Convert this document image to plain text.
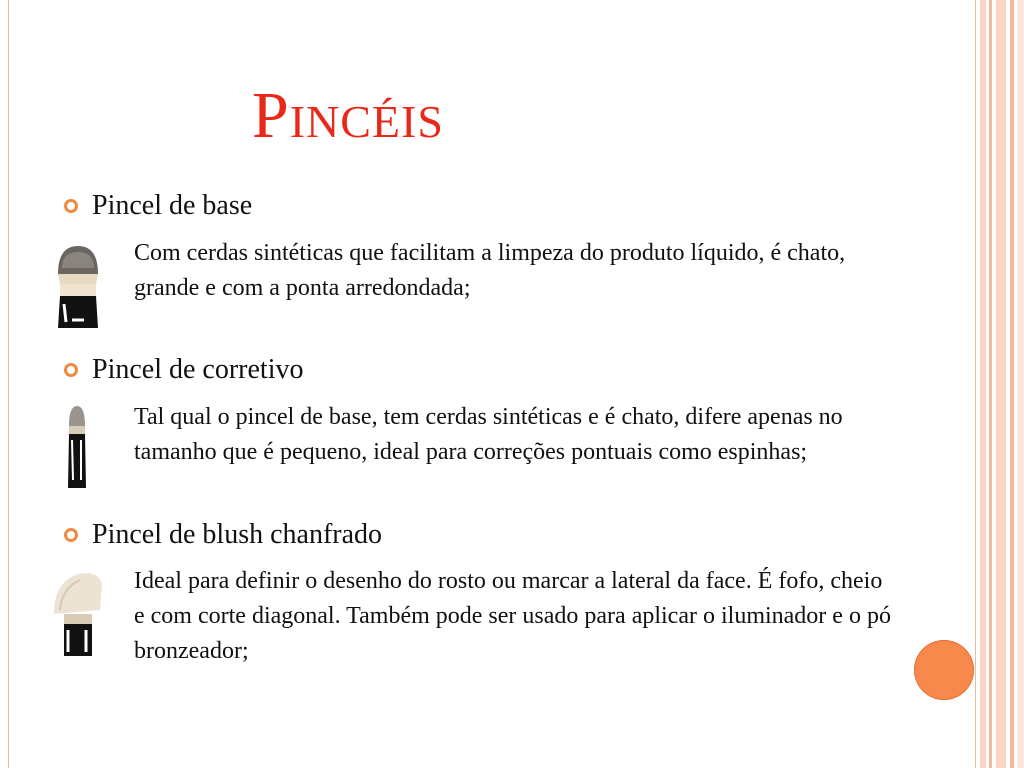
Pincéis
Pincel de base
Com cerdas sintéticas que facilitam a limpeza do produto líquido, é chato, grande e com a ponta arredondada;
Pincel de corretivo
Tal qual o pincel de base, tem cerdas sintéticas e é chato, difere apenas no tamanho que é pequeno, ideal para correções pontuais como espinhas;
Pincel de blush chanfrado
Ideal para definir o desenho do rosto ou marcar a lateral da face. É fofo, cheio e com corte diagonal. Também pode ser usado para aplicar o iluminador e o pó bronzeador;
